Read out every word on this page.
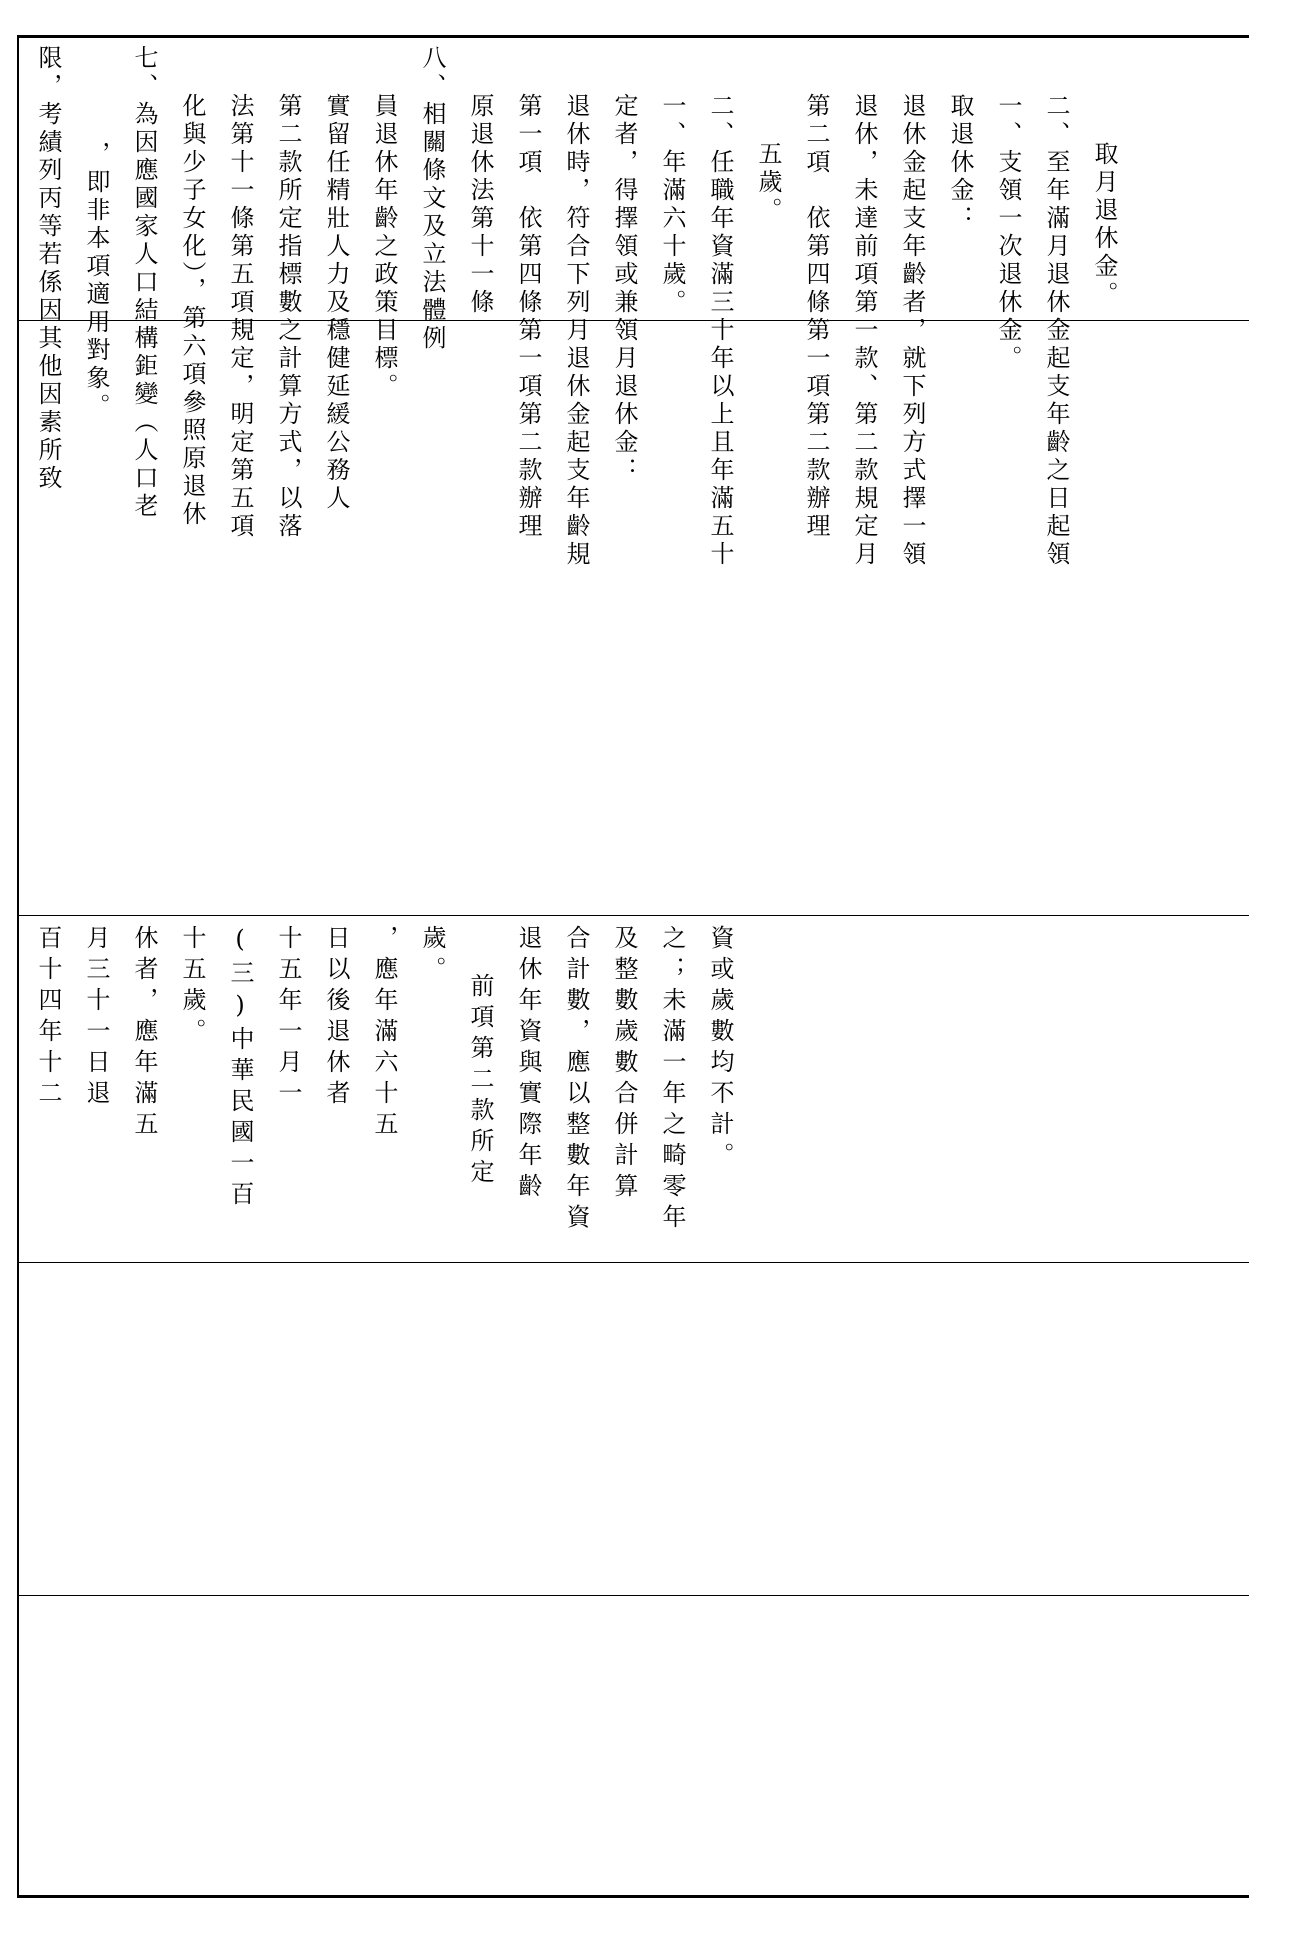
限，考績列丙等若係因其他因素所致 ，即非本項適用對象。 七、為因應國家人口結構鉅變（人口老 化與少子女化），第六項參照原退休 法第十一條第五項規定，明定第五項 第二款所定指標數之計算方式，以落 實留任精壯人力及穩健延緩公務人 員退休年齡之政策目標。 八、相關條文及立法體例 原退休法第十一條 第一項　依第四條第一項第二款辦理 退休時，符合下列月退休金起支年齡規 定者，得擇領或兼領月退休金： 一、年滿六十歲。 二、任職年資滿三十年以上且年滿五十 五歲。 第二項　依第四條第一項第二款辦理 退休，未達前項第一款、第二款規定月 退休金起支年齡者，就下列方式擇一領 取退休金： 一、支領一次退休金。 二、至年滿月退休金起支年齡之日起領 取月退休金。

百十四年十二 月三十一日退 休者，應年滿五 十五歲。 (三)中華民國一百 十五年一月一 日以後退休者 ，應年滿六十五 歲。

前項第二款所定 退休年資與實際年齡 合計數，應以整數年資 及整數歲數合併計算 之；未滿一年之畸零年 資或歲數均不計。
